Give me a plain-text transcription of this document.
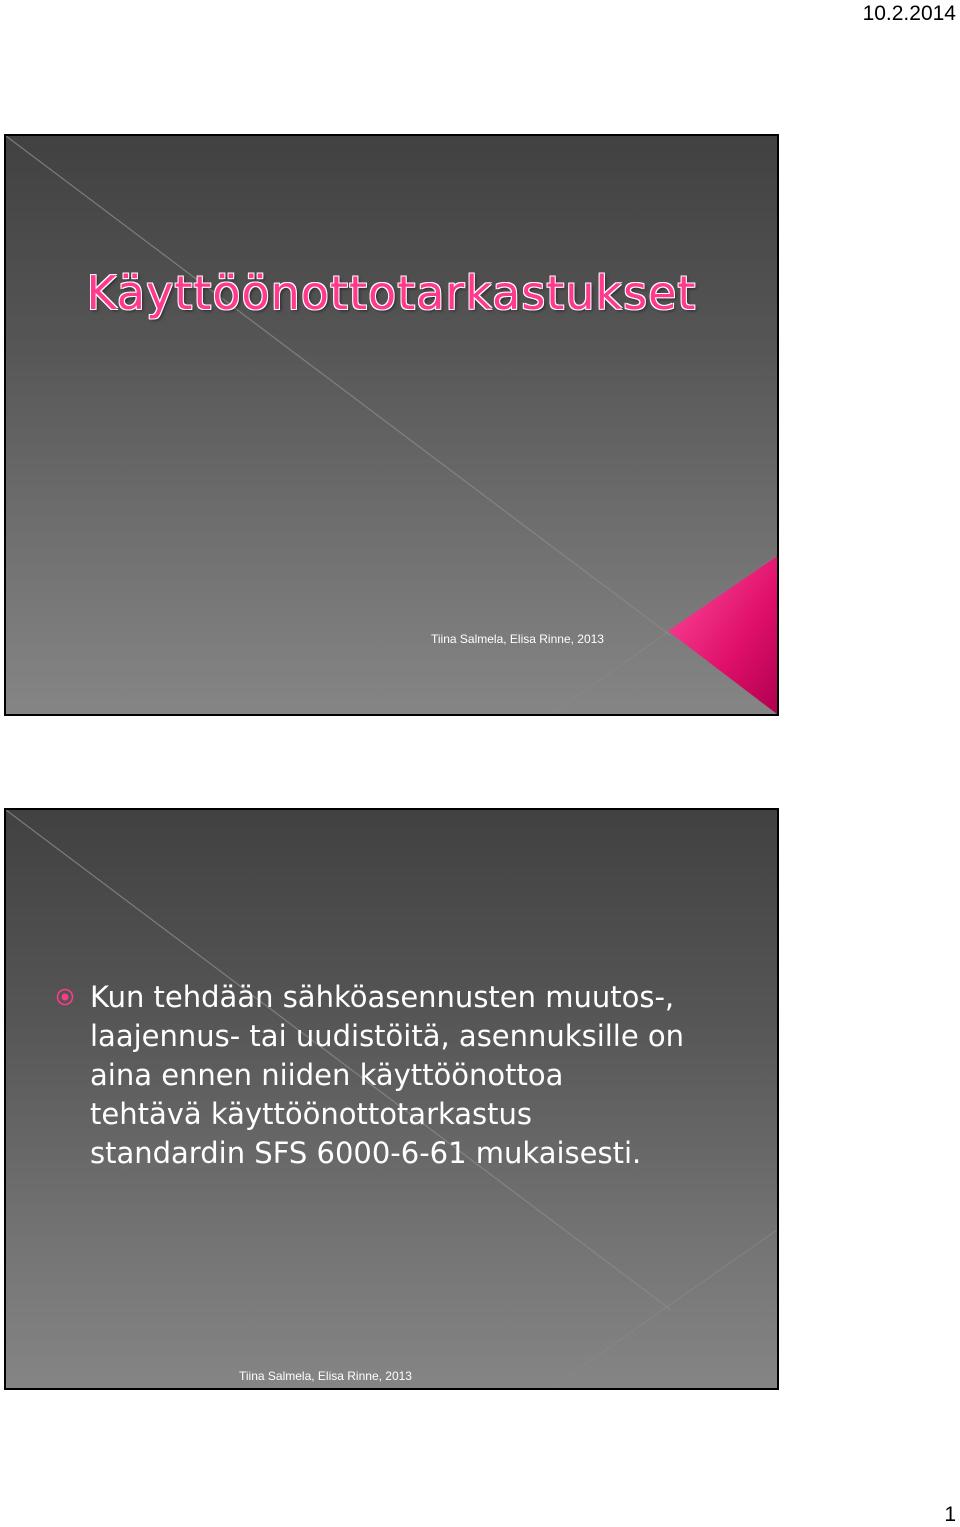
10.2.2014
Käyttöönottotarkastukset
Tiina Salmela, Elisa Rinne, 2013
Kun tehdään sähköasennusten muutos-,
laajennus- tai uudistöitä, asennuksille on
aina ennen niiden käyttöönottoa
tehtävä käyttöönottotarkastus
standardin SFS 6000-6-61 mukaisesti.
Tiina Salmela, Elisa Rinne, 2013
1
